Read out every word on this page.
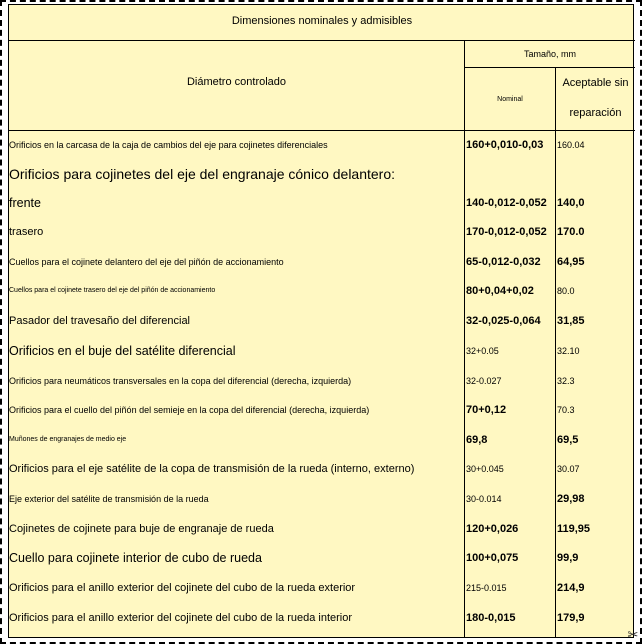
Dimensiones nominales y admisibles
Diámetro controlado
Tamaño, mm
Nominal
Aceptable sin
reparación
Orificios en la carcasa de la caja de cambios del eje para cojinetes diferenciales	160+0,010-0,03	160.04
Orificios para cojinetes del eje del engranaje cónico delantero:
frente	140-0,012-0,052 140,0
trasero	170-0,012-0,052 170.0
Cuellos para el cojinete delantero del eje del piñón de accionamiento	65-0,012-0,032	64,95
Cuellos para el cojinete trasero del eje del piñón de accionamiento	80+0,04+0,02	80.0
Pasador del travesaño del diferencial	32-0,025-0,064	31,85
Orificios en el buje del satélite diferencial	32+0.05	32.10
Orificios para neumáticos transversales en la copa del diferencial (derecha, izquierda)	32-0.027	32.3
Orificios para el cuello del piñón del semieje en la copa del diferencial (derecha, izquierda)	70+0,12	70.3
Muñones de engranajes de medio eje	69,8	69,5
Orificios para el eje satélite de la copa de transmisión de la rueda (interno, externo)	30+0.045	30.07
Eje exterior del satélite de transmisión de la rueda	30-0.014	29,98
Cojinetes de cojinete para buje de engranaje de rueda	120+0,026	119,95
Cuello para cojinete interior de cubo de rueda	100+0,075	99,9
Orificios para el anillo exterior del cojinete del cubo de la rueda exterior	215-0.015	214,9
Orificios para el anillo exterior del cojinete del cubo de la rueda interior	180-0,015	179,9
✂
